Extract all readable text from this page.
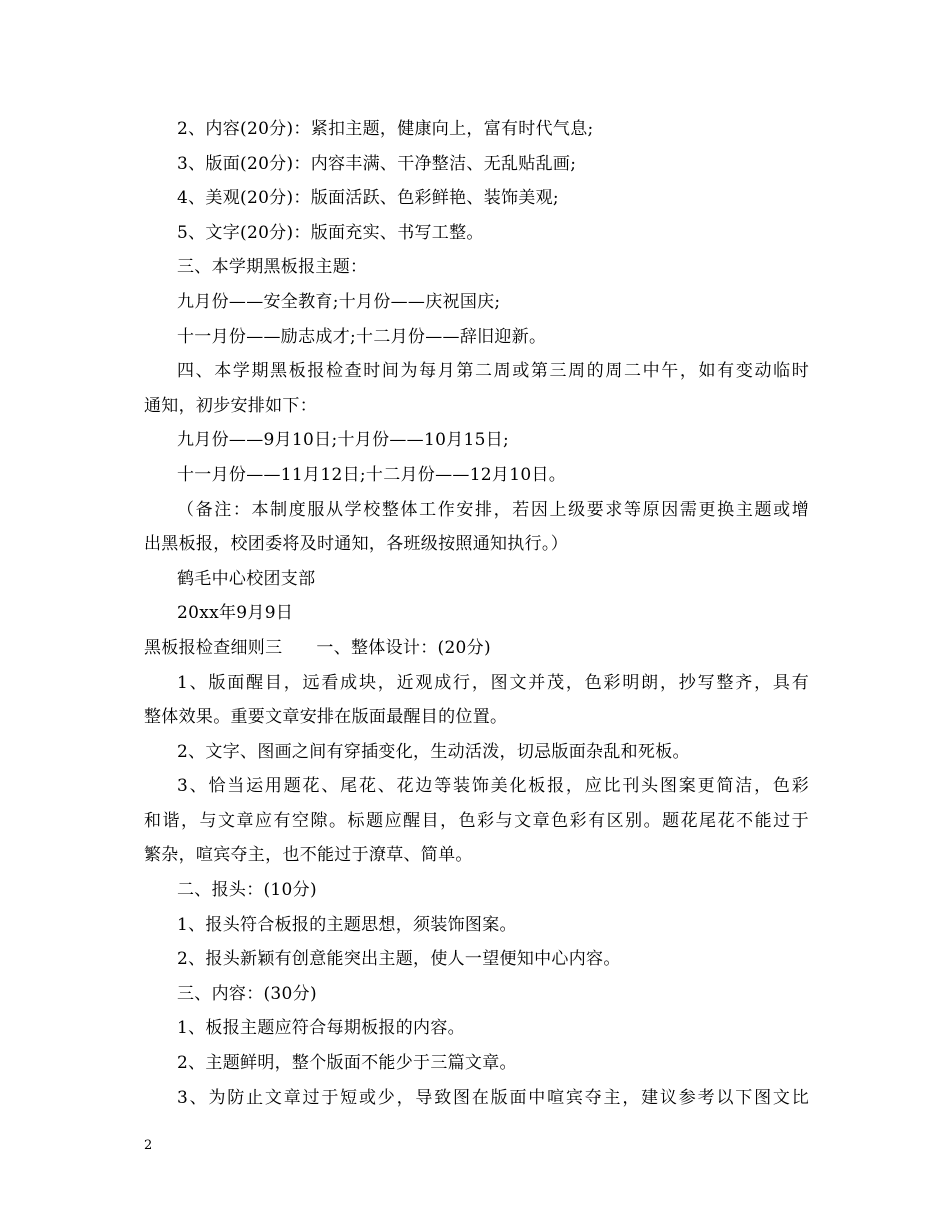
2、内容(20分)：紧扣主题，健康向上，富有时代气息;
3、版面(20分)：内容丰满、干净整洁、无乱贴乱画;
4、美观(20分)：版面活跃、色彩鲜艳、装饰美观;
5、文字(20分)：版面充实、书写工整。
三、本学期黑板报主题：
九月份——安全教育;十月份——庆祝国庆;
十一月份——励志成才;十二月份——辞旧迎新。
四、本学期黑板报检查时间为每月第二周或第三周的周二中午，如有变动临时
通知，初步安排如下：
九月份——9月10日;十月份——10月15日;
十一月份——11月12日;十二月份——12月10日。
（备注：本制度服从学校整体工作安排，若因上级要求等原因需更换主题或增
出黑板报，校团委将及时通知，各班级按照通知执行。）
鹤毛中心校团支部
20xx年9月9日
黑板报检查细则三 一、整体设计：(20分)
1、版面醒目，远看成块，近观成行，图文并茂，色彩明朗，抄写整齐，具有
整体效果。重要文章安排在版面最醒目的位置。
2、文字、图画之间有穿插变化，生动活泼，切忌版面杂乱和死板。
3、恰当运用题花、尾花、花边等装饰美化板报，应比刊头图案更简洁，色彩
和谐，与文章应有空隙。标题应醒目，色彩与文章色彩有区别。题花尾花不能过于
繁杂，喧宾夺主，也不能过于潦草、简单。
二、报头：(10分)
1、报头符合板报的主题思想，须装饰图案。
2、报头新颖有创意能突出主题，使人一望便知中心内容。
三、内容：(30分)
1、板报主题应符合每期板报的内容。
2、主题鲜明，整个版面不能少于三篇文章。
3、为防止文章过于短或少，导致图在版面中喧宾夺主，建议参考以下图文比
2
